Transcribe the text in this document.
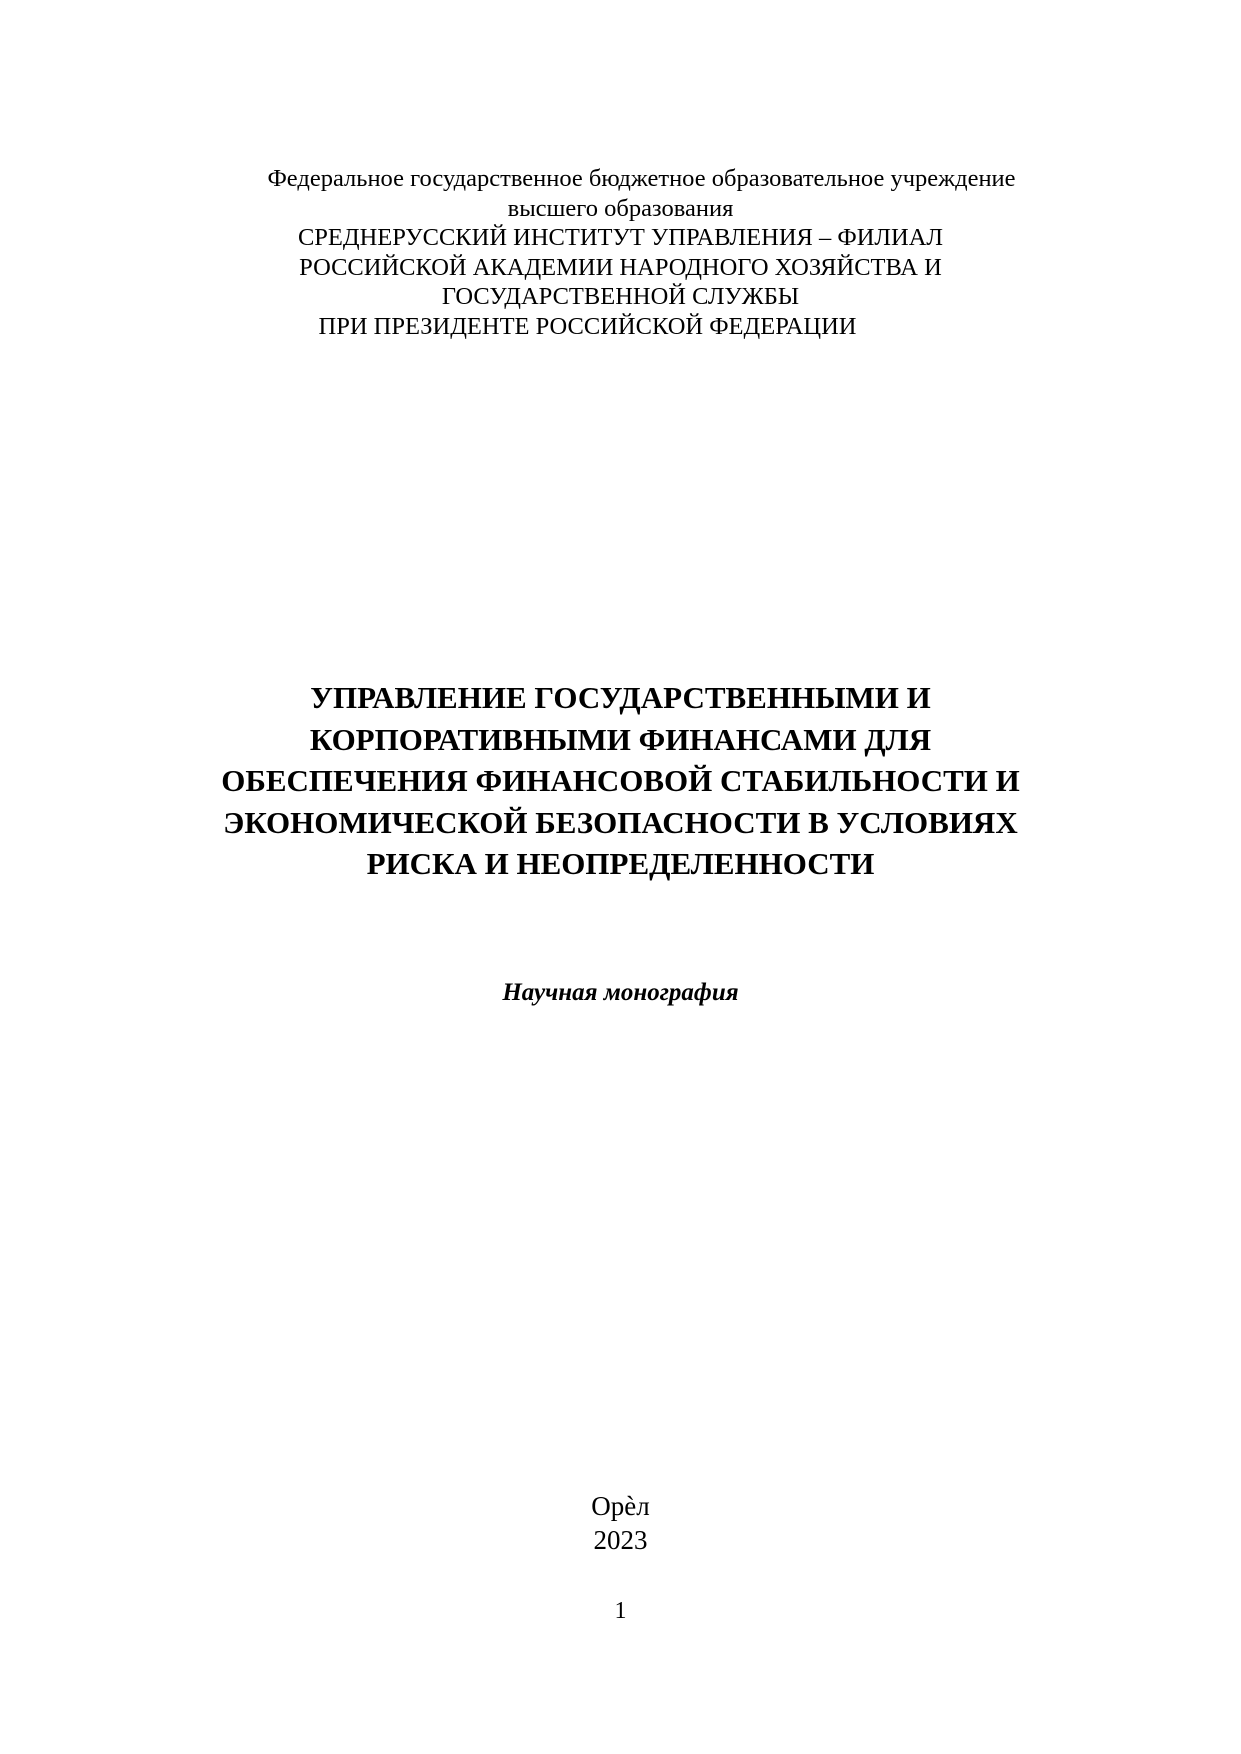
Федеральное государственное бюджетное образовательное учреждение
высшего образования
СРЕДНЕРУССКИЙ ИНСТИТУТ УПРАВЛЕНИЯ – ФИЛИАЛ
РОССИЙСКОЙ АКАДЕМИИ НАРОДНОГО ХОЗЯЙСТВА И
ГОСУДАРСТВЕННОЙ СЛУЖБЫ
ПРИ ПРЕЗИДЕНТЕ РОССИЙСКОЙ ФЕДЕРАЦИИ
УПРАВЛЕНИЕ ГОСУДАРСТВЕННЫМИ И
КОРПОРАТИВНЫМИ ФИНАНСАМИ ДЛЯ
ОБЕСПЕЧЕНИЯ ФИНАНСОВОЙ СТАБИЛЬНОСТИ И
ЭКОНОМИЧЕСКОЙ БЕЗОПАСНОСТИ В УСЛОВИЯХ
РИСКА И НЕОПРЕДЕЛЕННОСТИ
Научная монография
Орѐл
2023
1
